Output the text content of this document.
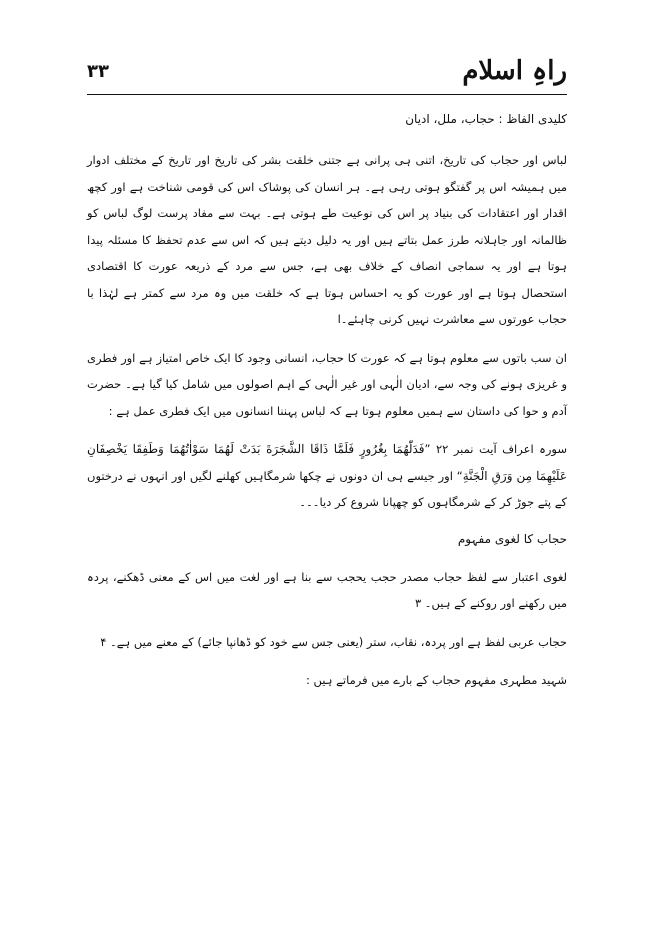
راہِ اسلام
۳۳

کلیدی الفاظ : حجاب، ملل، ادیان

لباس اور حجاب کی تاریخ، اتنی ہی پرانی ہے جتنی خلقت بشر کی تاریخ اور تاریخ کے مختلف ادوار میں ہمیشہ اس پر گفتگو ہوتی رہی ہے۔ ہر انسان کی پوشاک اس کی قومی شناخت ہے اور کچھ اقدار اور اعتقادات کی بنیاد پر اس کی نوعیت طے ہوتی ہے۔ بہت سے مفاد پرست لوگ لباس کو ظالمانہ اور جاہلانہ طرز عمل بتاتے ہیں اور یہ دلیل دیتے ہیں کہ اس سے عدم تحفظ کا مسئلہ پیدا ہوتا ہے اور یہ سماجی انصاف کے خلاف بھی ہے، جس سے مرد کے ذریعہ عورت کا اقتصادی استحصال ہوتا ہے اور عورت کو یہ احساس ہوتا ہے کہ خلقت میں وہ مرد سے کمتر ہے لہٰذا با حجاب عورتوں سے معاشرت نہیں کرنی چاہئے۔ا

ان سب باتوں سے معلوم ہوتا ہے کہ عورت کا حجاب، انسانی وجود کا ایک خاص امتیاز ہے اور فطری و غریزی ہونے کی وجہ سے، ادیان الٰہی اور غیر الٰہی کے اہم اصولوں میں شامل کیا گیا ہے۔ حضرت آدم و حوا کی داستان سے ہمیں معلوم ہوتا ہے کہ لباس پہننا انسانوں میں ایک فطری عمل ہے :

سورہ اعراف آیت نمبر ۲۲ ”فَدَلّٰهُمَا بِغُرُورٍ فَلَمَّا ذَاقَا الشَّجَرَةَ بَدَتْ لَهُمَا سَوْاٰتُهُمَا وَطَفِقَا يَخْصِفَانِ عَلَيْهِمَا مِن وَرَقِ الْجَنَّةِ“ اور جیسے ہی ان دونوں نے چکھا شرمگاہیں کھلنے لگیں اور انہوں نے درختوں کے پتے جوڑ کر کے شرمگاہوں کو چھپانا شروع کر دیا۔۔۔

حجاب کا لغوی مفہوم

لغوی اعتبار سے لفظ حجاب مصدر حجب یحجب سے بنا ہے اور لغت میں اس کے معنی ڈھکنے، پردہ میں رکھنے اور روکنے کے ہیں۔ ۳

حجاب عربی لفظ ہے اور پردہ، نقاب، ستر (یعنی جس سے خود کو ڈھانپا جائے) کے معنے میں ہے۔ ۴

شہید مطہری مفہوم حجاب کے بارے میں فرماتے ہیں :
